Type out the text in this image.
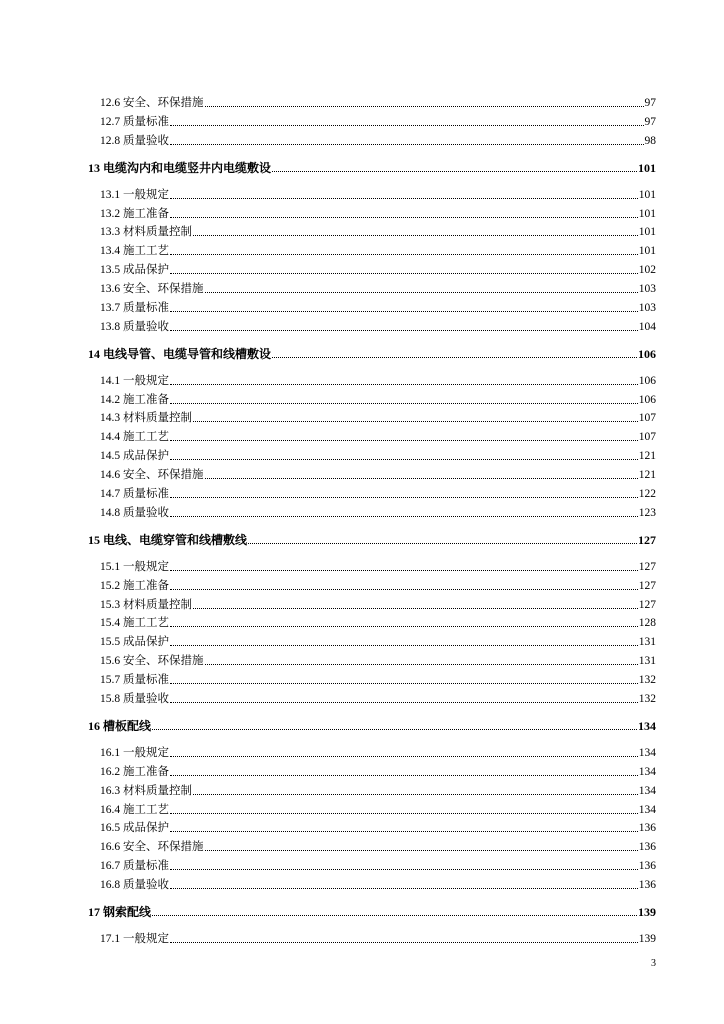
12.6 安全、环保措施	97
12.7 质量标准	97
12.8 质量验收	98
13 电缆沟内和电缆竖井内电缆敷设	101
13.1 一般规定	101
13.2 施工准备	101
13.3 材料质量控制	101
13.4 施工工艺	101
13.5 成品保护	102
13.6 安全、环保措施	103
13.7 质量标准	103
13.8 质量验收	104
14 电线导管、电缆导管和线槽敷设	106
14.1 一般规定	106
14.2 施工准备	106
14.3 材料质量控制	107
14.4 施工工艺	107
14.5 成品保护	121
14.6 安全、环保措施	121
14.7 质量标准	122
14.8 质量验收	123
15 电线、电缆穿管和线槽敷线	127
15.1 一般规定	127
15.2 施工准备	127
15.3 材料质量控制	127
15.4 施工工艺	128
15.5 成品保护	131
15.6 安全、环保措施	131
15.7 质量标准	132
15.8 质量验收	132
16 槽板配线	134
16.1 一般规定	134
16.2 施工准备	134
16.3 材料质量控制	134
16.4 施工工艺	134
16.5 成品保护	136
16.6 安全、环保措施	136
16.7 质量标准	136
16.8 质量验收	136
17 钢索配线	139
17.1 一般规定	139
3
